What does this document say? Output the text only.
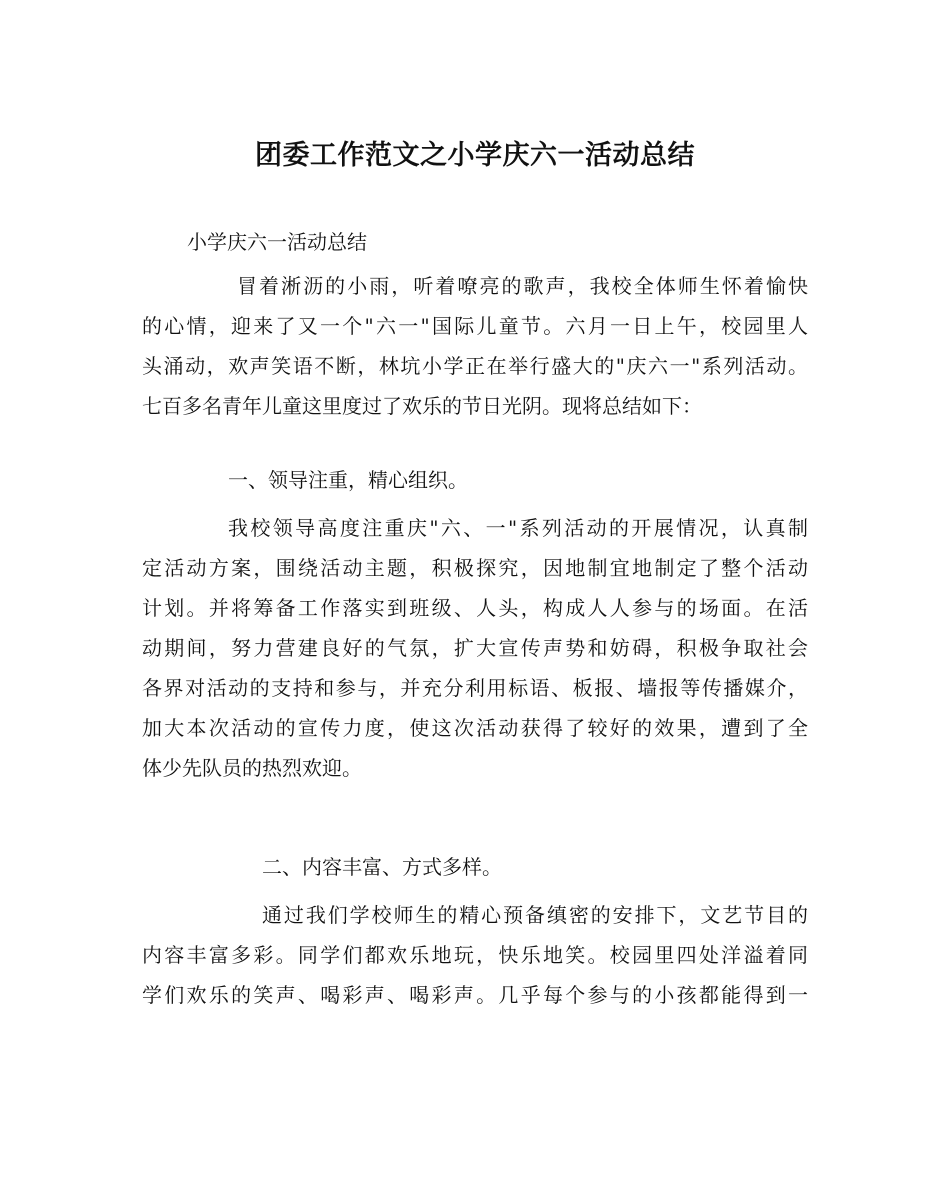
团委工作范文之小学庆六一活动总结
小学庆六一活动总结
冒着淅沥的小雨，听着嘹亮的歌声，我校全体师生怀着愉快
的心情，迎来了又一个"六一"国际儿童节。六月一日上午，校园里人
头涌动，欢声笑语不断，林坑小学正在举行盛大的"庆六一"系列活动。
七百多名青年儿童这里度过了欢乐的节日光阴。现将总结如下：
一、领导注重，精心组织。
我校领导高度注重庆"六、一"系列活动的开展情况，认真制
定活动方案，围绕活动主题，积极探究，因地制宜地制定了整个活动
计划。并将筹备工作落实到班级、人头，构成人人参与的场面。在活
动期间，努力营建良好的气氛，扩大宣传声势和妨碍，积极争取社会
各界对活动的支持和参与，并充分利用标语、板报、墙报等传播媒介，
加大本次活动的宣传力度，使这次活动获得了较好的效果，遭到了全
体少先队员的热烈欢迎。
二、内容丰富、方式多样。
通过我们学校师生的精心预备缜密的安排下，文艺节目的
内容丰富多彩。同学们都欢乐地玩，快乐地笑。校园里四处洋溢着同
学们欢乐的笑声、喝彩声、喝彩声。几乎每个参与的小孩都能得到一
